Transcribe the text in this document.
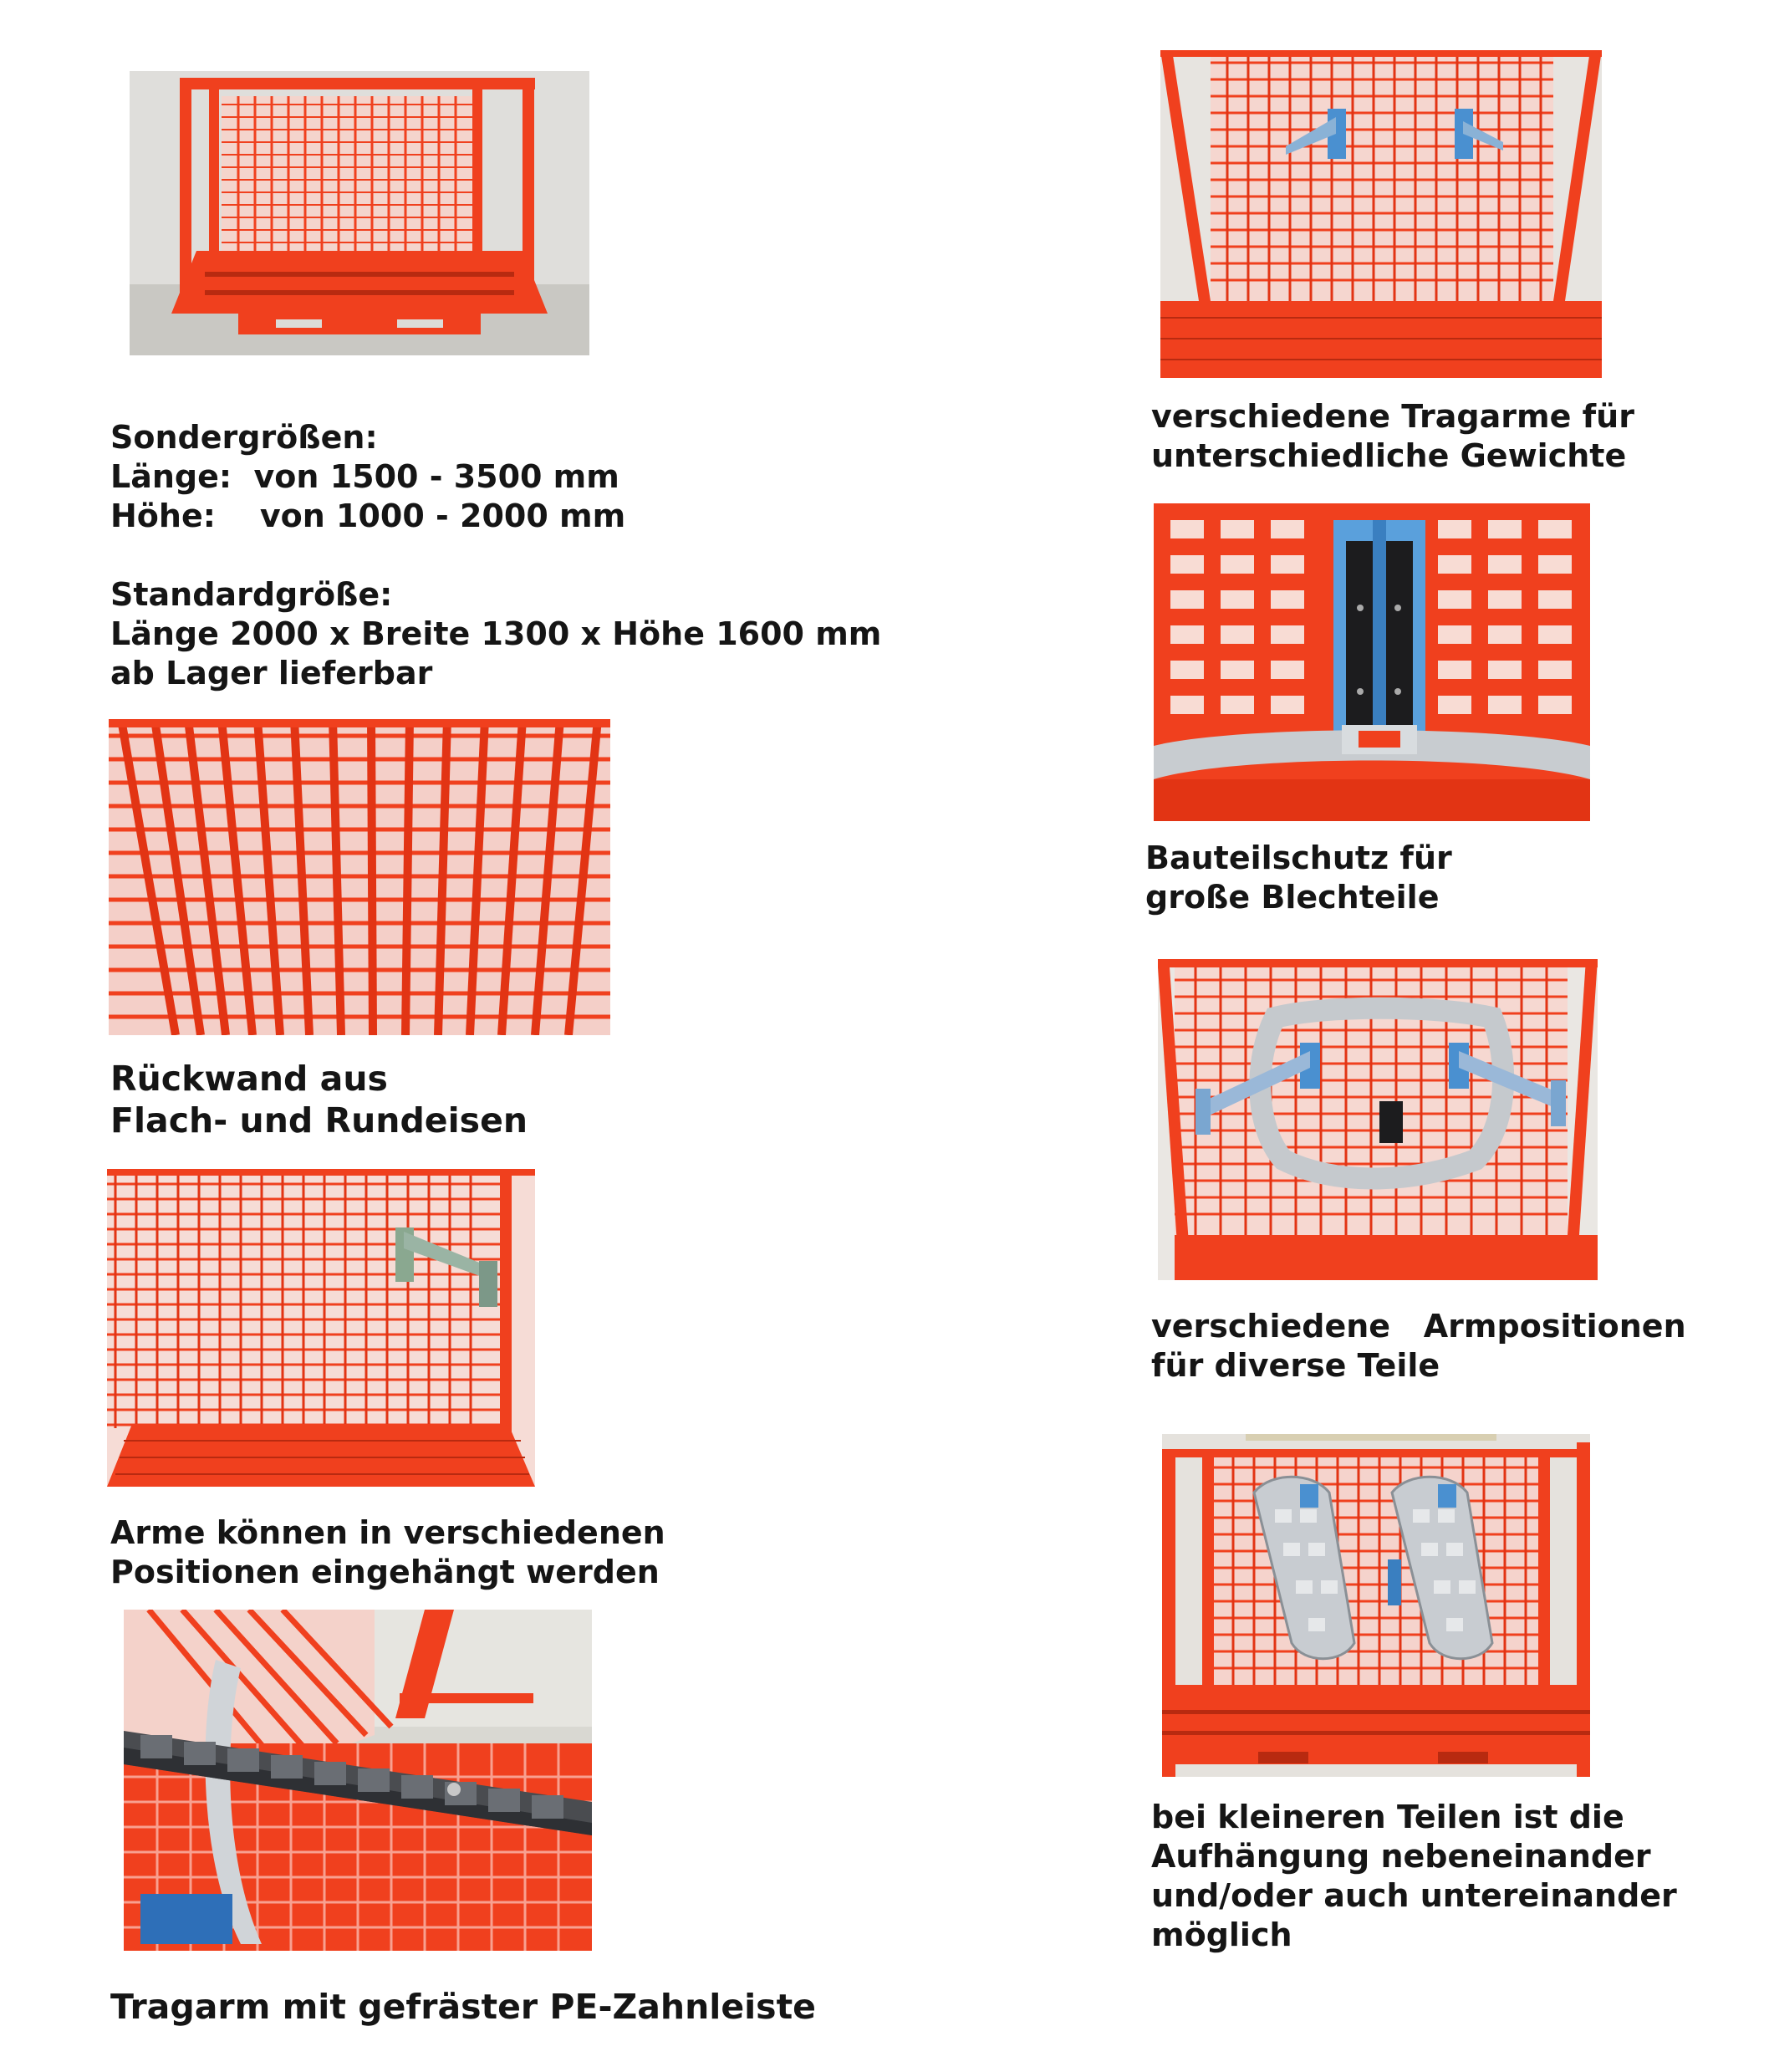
Sondergrößen:
Länge:  von 1500 - 3500 mm
Höhe:    von 1000 - 2000 mm
Standardgröße:
Länge 2000 x Breite 1300 x Höhe 1600 mm
ab Lager lieferbar
Rückwand aus
Flach- und Rundeisen
Arme können in verschiedenen
Positionen eingehängt werden
Tragarm mit gefräster PE-Zahnleiste
verschiedene Tragarme für
unterschiedliche Gewichte
Bauteilschutz für
große Blechteile
verschiedene   Armpositionen
für diverse Teile
bei kleineren Teilen ist die
Aufhängung nebeneinander
und/oder auch untereinander
möglich
